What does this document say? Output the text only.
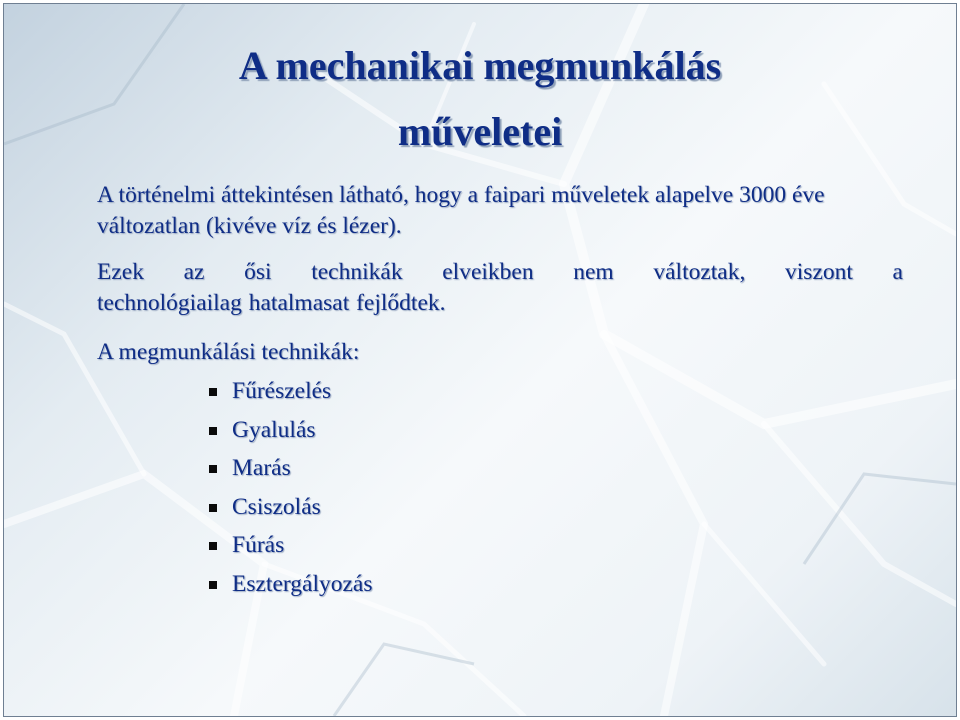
A mechanikai megmunkálás
műveletei
A történelmi áttekintésen látható, hogy a faipari műveletek alapelve 3000 éve változatlan (kivéve víz és lézer).
Ezek az ősi technikák elveikben nem változtak, viszont a
technológiailag hatalmasat fejlődtek.
A megmunkálási technikák:
Fűrészelés
Gyalulás
Marás
Csiszolás
Fúrás
Esztergályozás
